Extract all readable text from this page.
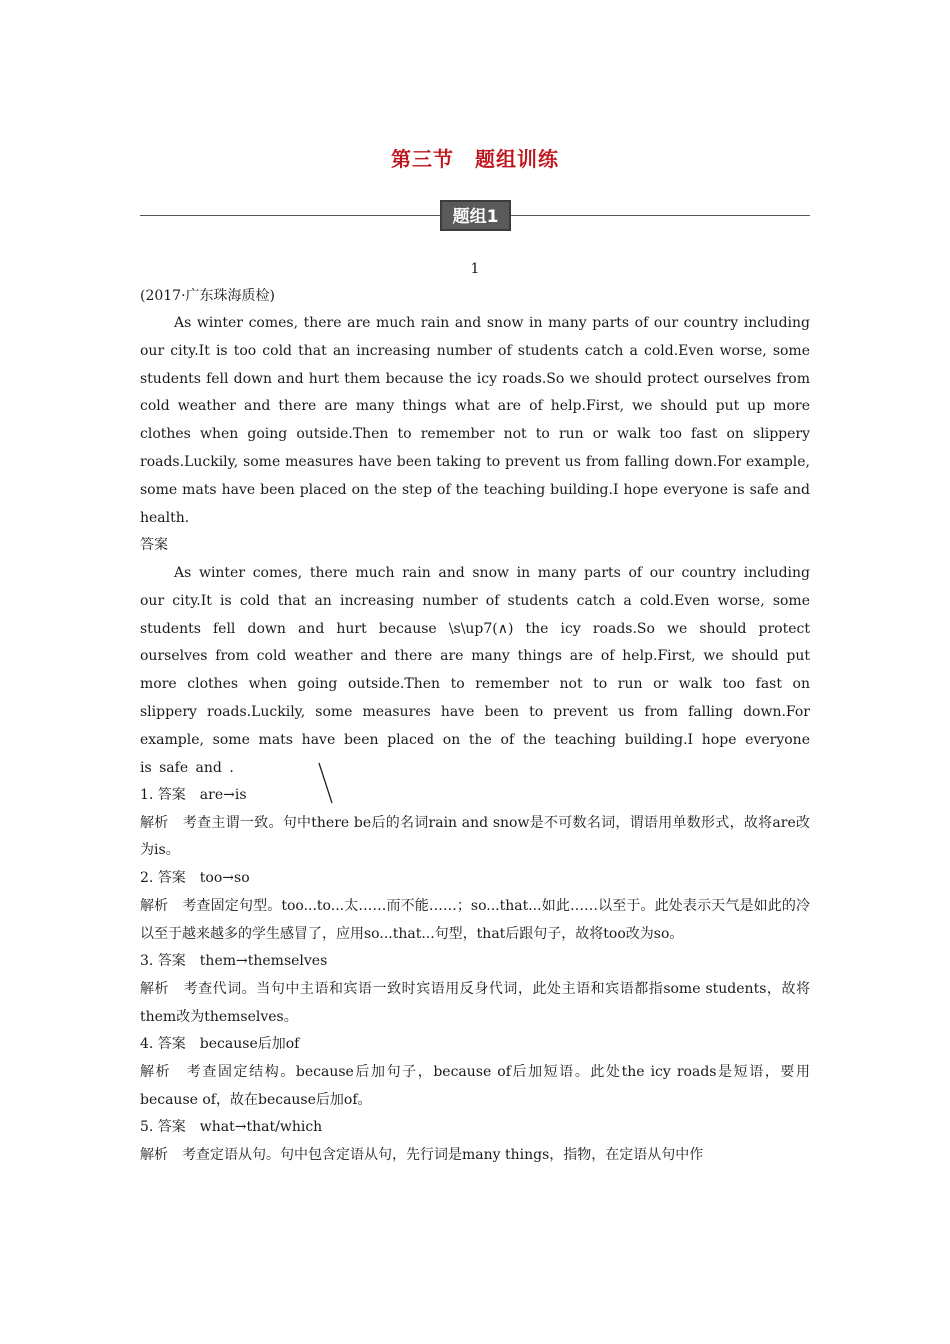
第三节　题组训练
题组1
1
(2017·广东珠海质检)

As winter comes, there are much rain and snow in many parts of our country including our city.It is too cold that an increasing number of students catch a cold.Even worse, some students fell down and hurt them because the icy roads.So we should protect ourselves from cold weather and there are many things what are of help.First, we should put up more clothes when going outside.Then to remember not to run or walk too fast on slippery roads.Luckily, some measures have been taking to prevent us from falling down.For example, some mats have been placed on the step of the teaching building.I hope everyone is safe and health.

答案

As winter comes, there much rain and snow in many parts of our country including our city.It is cold that an increasing number of students catch a cold.Even worse, some students fell down and hurt because \s\up7(∧) the icy roads.So we should protect ourselves from cold weather and there are many things are of help.First, we should put more clothes when going outside.Then to remember not to run or walk too fast on slippery roads.Luckily, some measures have been to prevent us from falling down.For example, some mats have been placed on the of the teaching building.I hope everyone is safe and .

1. 答案　are→is

解析　考查主谓一致。句中there be后的名词rain and snow是不可数名词，谓语用单数形式，故将are改为is。

2. 答案　too→so

解析　考查固定句型。too...to...太……而不能……；so...that...如此……以至于。此处表示天气是如此的冷以至于越来越多的学生感冒了，应用so...that...句型，that后跟句子，故将too改为so。

3. 答案　them→themselves

解析　考查代词。当句中主语和宾语一致时宾语用反身代词，此处主语和宾语都指some students，故将them改为themselves。

4. 答案　because后加of

解析　考查固定结构。because后加句子，because of后加短语。此处the icy roads是短语，要用because of，故在because后加of。

5. 答案　what→that/which

解析　考查定语从句。句中包含定语从句，先行词是many things，指物，在定语从句中作
